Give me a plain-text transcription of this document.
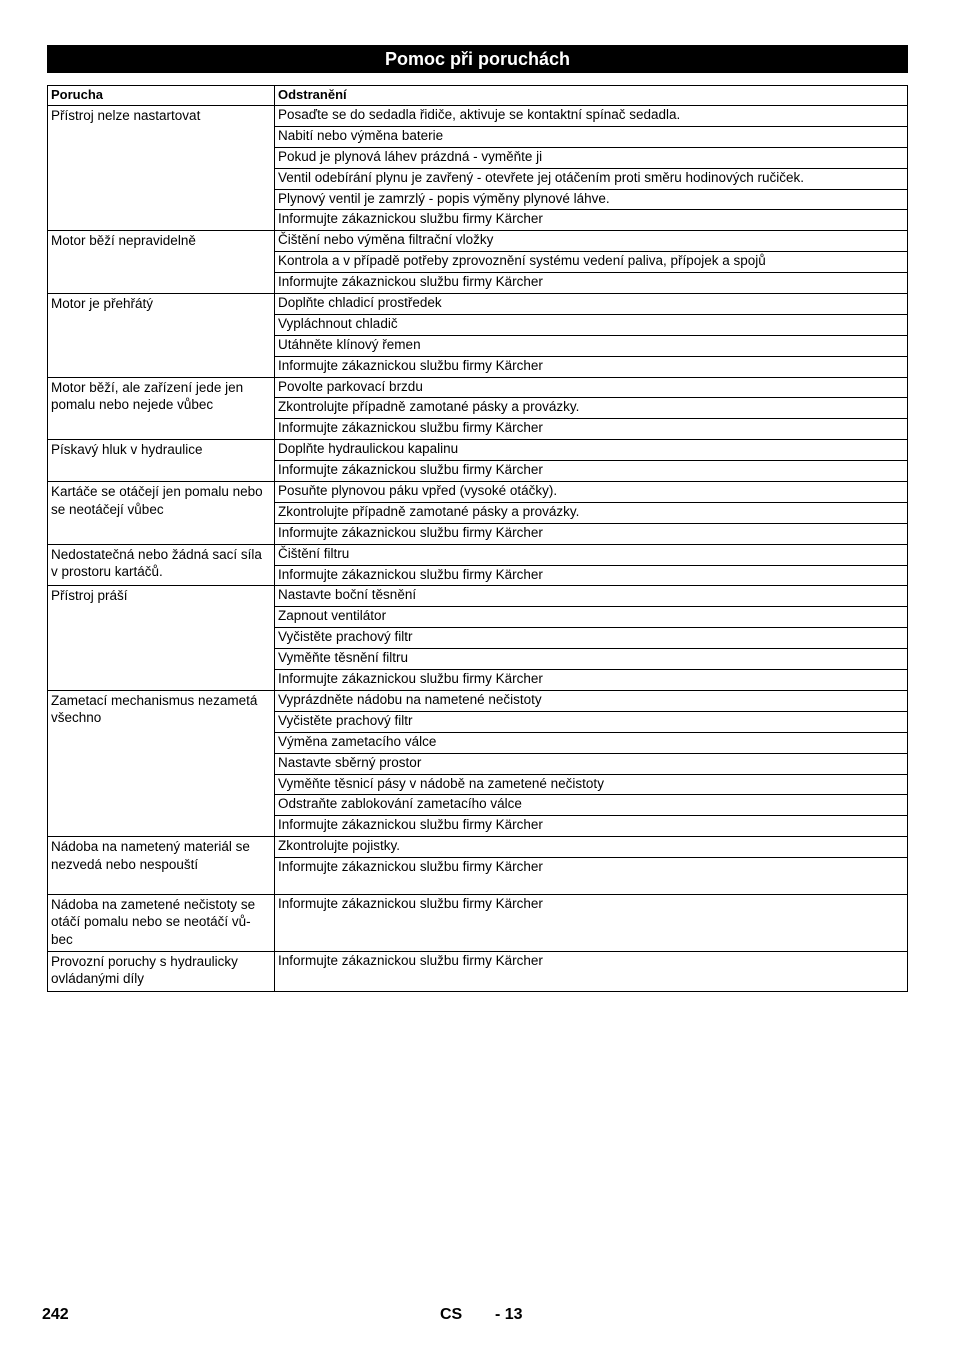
Pomoc při poruchách
Porucha	Odstranění
Přístroj nelze nastartovat	Posaďte se do sedadla řidiče, aktivuje se kontaktní spínač sedadla.
	Nabití nebo výměna baterie
	Pokud je plynová láhev prázdná - vyměňte ji
	Ventil odebírání plynu je zavřený - otevřete jej otáčením proti směru hodinových ručiček.
	Plynový ventil je zamrzlý - popis výměny plynové láhve.
	Informujte zákaznickou službu firmy Kärcher
Motor běží nepravidelně	Čištění nebo výměna filtrační vložky
	Kontrola a v případě potřeby zprovoznění systému vedení paliva, přípojek a spojů
	Informujte zákaznickou službu firmy Kärcher
Motor je přehřátý	Doplňte chladicí prostředek
	Vypláchnout chladič
	Utáhněte klínový řemen
	Informujte zákaznickou službu firmy Kärcher
Motor běží, ale zařízení jede jen pomalu nebo nejede vůbec	Povolte parkovací brzdu
	Zkontrolujte případně zamotané pásky a provázky.
	Informujte zákaznickou službu firmy Kärcher
Pískavý hluk v hydraulice	Doplňte hydraulickou kapalinu
	Informujte zákaznickou službu firmy Kärcher
Kartáče se otáčejí jen pomalu nebo se neotáčejí vůbec	Posuňte plynovou páku vpřed (vysoké otáčky).
	Zkontrolujte případně zamotané pásky a provázky.
	Informujte zákaznickou službu firmy Kärcher
Nedostatečná nebo žádná sací síla v prostoru kartáčů.	Čištění filtru
	Informujte zákaznickou službu firmy Kärcher
Přístroj práší	Nastavte boční těsnění
	Zapnout ventilátor
	Vyčistěte prachový filtr
	Vyměňte těsnění filtru
	Informujte zákaznickou službu firmy Kärcher
Zametací mechanismus nezametá všechno	Vyprázdněte nádobu na nametené nečistoty
	Vyčistěte prachový filtr
	Výměna zametacího válce
	Nastavte sběrný prostor
	Vyměňte těsnicí pásy v nádobě na zametené nečistoty
	Odstraňte zablokování zametacího válce
	Informujte zákaznickou službu firmy Kärcher
Nádoba na nametený materiál se nezvedá nebo nespouští	Zkontrolujte pojistky.
	Informujte zákaznickou službu firmy Kärcher
Nádoba na zametené nečistoty se otáčí pomalu nebo se neotáčí vů-bec	Informujte zákaznickou službu firmy Kärcher
Provozní poruchy s hydraulicky ovládanými díly	Informujte zákaznickou službu firmy Kärcher
242	CS - 13
